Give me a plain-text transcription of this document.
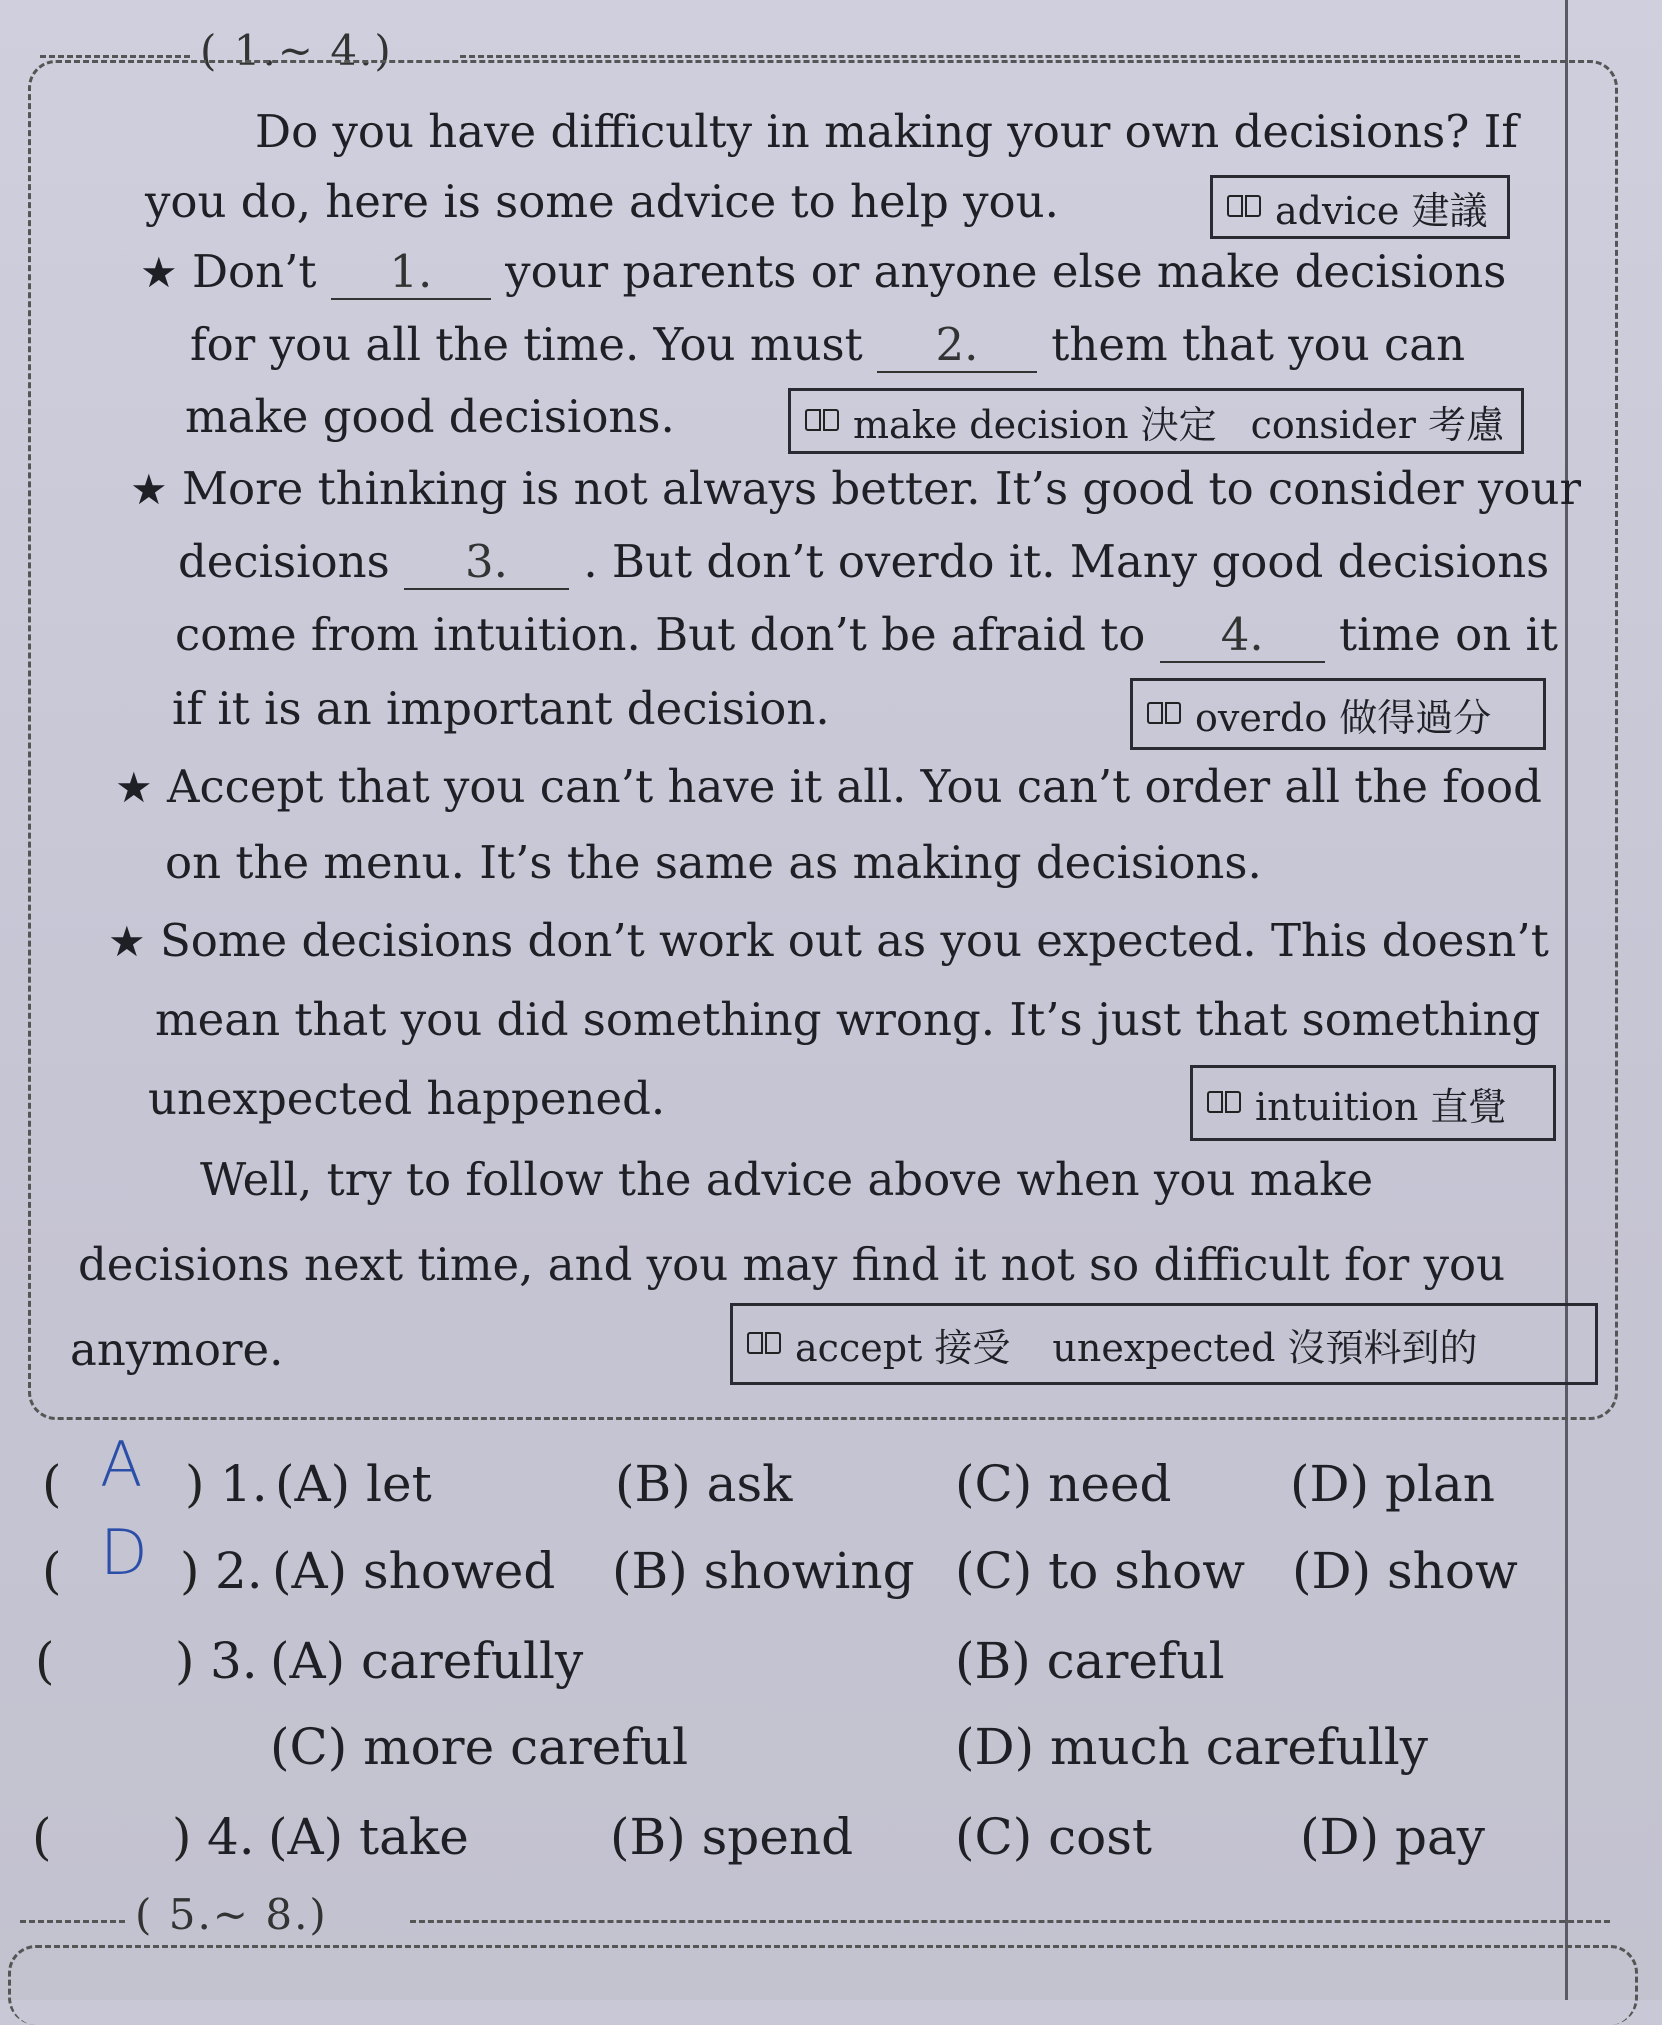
( 1.~ 4.)
Do you have difficulty in making your own decisions? If
you do, here is some advice to help you.	advice 建議
★ Don’t 1. your parents or anyone else make decisions
for you all the time. You must 2. them that you can
make good decisions.	make decision 決定 consider 考慮
★ More thinking is not always better. It’s good to consider your
decisions 3. . But don’t overdo it. Many good decisions
come from intuition. But don’t be afraid to 4. time on it
if it is an important decision.	overdo 做得過分
★ Accept that you can’t have it all. You can’t order all the food
on the menu. It’s the same as making decisions.
★ Some decisions don’t work out as you expected. This doesn’t
mean that you did something wrong. It’s just that something
unexpected happened.	intuition 直覺
Well, try to follow the advice above when you make
decisions next time, and you may find it not so difficult for you
anymore.	accept 接受 unexpected 沒預料到的
( A ) 1. (A) let	(B) ask	(C) need (D) plan
( D ) 2. (A) showed (B) showing (C) to show (D) show
( ) 3. (A) carefully	(B) careful
(C) more careful	(D) much carefully
( ) 4. (A) take	(B) spend (C) cost	(D) pay
( 5.~ 8.)
